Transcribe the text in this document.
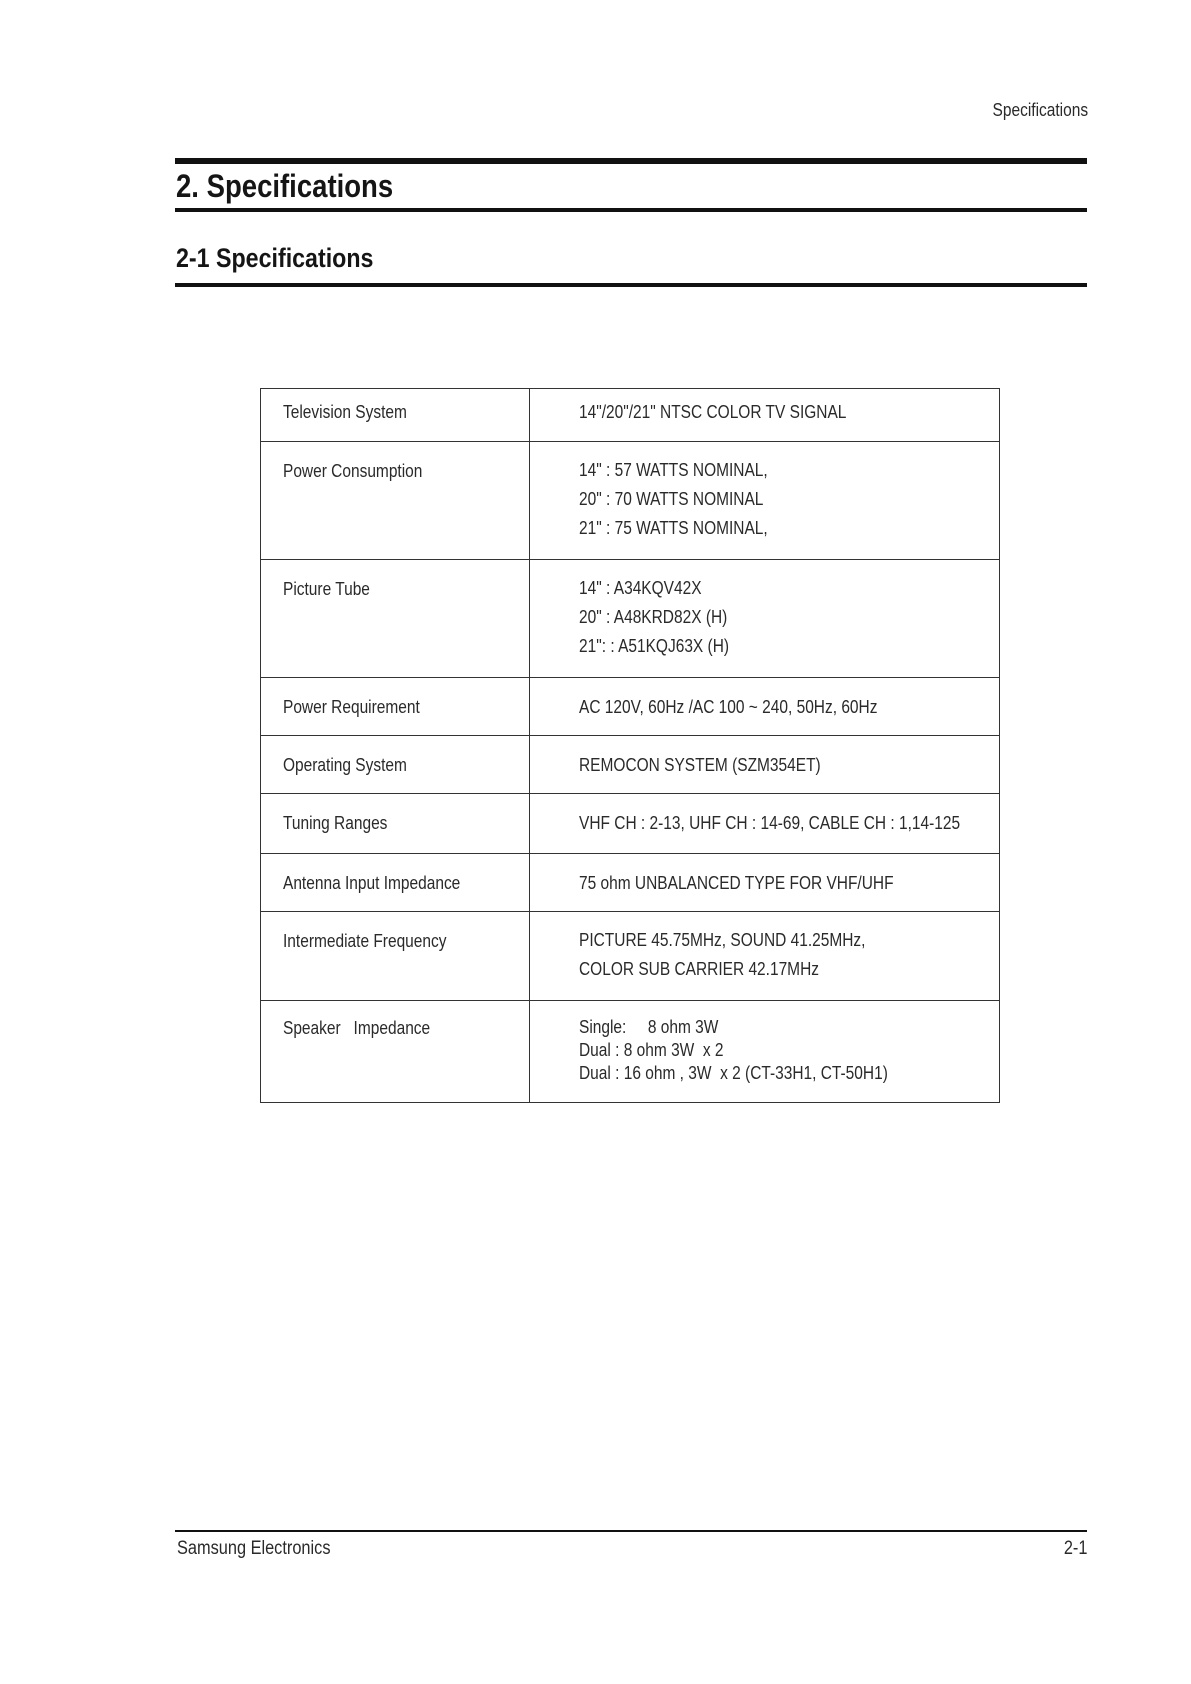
Specifications
2. Specifications
2-1 Specifications
Television System	14"/20"/21" NTSC COLOR TV SIGNAL

Power Consumption	14" : 57 WATTS NOMINAL,
20" : 70 WATTS NOMINAL
21" : 75 WATTS NOMINAL,

Picture Tube	14" : A34KQV42X
20" : A48KRD82X (H)
21": : A51KQJ63X (H)

Power Requirement	AC 120V, 60Hz /AC 100 ~ 240, 50Hz, 60Hz

Operating System	REMOCON SYSTEM (SZM354ET)

Tuning Ranges	VHF CH : 2-13, UHF CH : 14-69, CABLE CH : 1,14-125

Antenna Input Impedance	75 ohm UNBALANCED TYPE FOR VHF/UHF

Intermediate Frequency	PICTURE 45.75MHz, SOUND 41.25MHz,
COLOR SUB CARRIER 42.17MHz

Speaker   Impedance	Single:     8 ohm 3W
Dual : 8 ohm 3W  x 2
Dual : 16 ohm , 3W  x 2 (CT-33H1, CT-50H1)
Samsung Electronics	2-1
